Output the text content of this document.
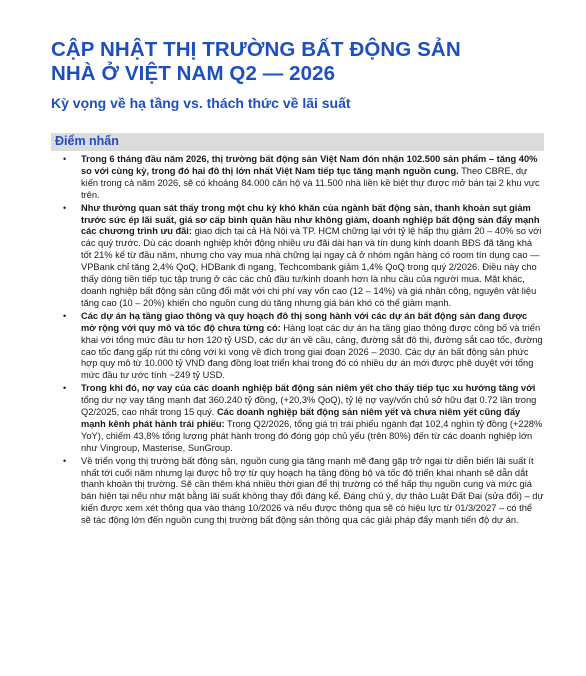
CẬP NHẬT THỊ TRƯỜNG BẤT ĐỘNG SẢN
NHÀ Ở VIỆT NAM Q2 — 2026
Kỳ vọng về hạ tầng vs. thách thức về lãi suất
Điểm nhấn
• Trong 6 tháng đầu năm 2026, thị trường bất động sản Việt Nam đón nhận 102.500 sản phẩm – tăng 40% so với cùng kỳ, trong đó hai đô thị lớn nhất Việt Nam tiếp tục tăng mạnh nguồn cung. Theo CBRE, dự kiến trong cả năm 2026, sẽ có khoảng 84.000 căn hộ và 11.500 nhà liền kề biệt thự được mở bán tại 2 khu vực trên.
• Như thường quan sát thấy trong một chu kỳ khó khăn của ngành bất động sản, thanh khoản sụt giảm trước sức ép lãi suất, giá sơ cấp bình quân hầu như không giảm, doanh nghiệp bất động sản đẩy mạnh các chương trình ưu đãi: giao dịch tại cả Hà Nội và TP. HCM chững lại với tỷ lệ hấp thụ giảm 20 – 40% so với các quý trước. Dù các doanh nghiệp khởi động nhiều ưu đãi dài hạn và tín dụng kinh doanh BĐS đã tăng khá tốt 21% kể từ đầu năm, nhưng cho vay mua nhà chững lại ngay cả ở nhóm ngân hàng có room tín dụng cao — VPBank chỉ tăng 2,4% QoQ, HDBank đi ngang, Techcombank giảm 1,4% QoQ trong quý 2/2026. Điều này cho thấy dòng tiền tiếp tục tập trung ở các các chủ đầu tư/kinh doanh hơn là nhu cầu của người mua. Mặt khác, doanh nghiệp bất động sản cũng đối mặt với chi phí vay vốn cao (12 – 14%) và giá nhân công, nguyên vật liệu tăng cao (10 – 20%) khiến cho nguồn cung dù tăng nhưng giá bán khó có thể giảm mạnh.
• Các dự án hạ tầng giao thông và quy hoạch đô thị song hành với các dự án bất động sản đang được mở rộng với quy mô và tốc độ chưa từng có: Hàng loạt các dự án hạ tầng giao thông được công bố và triển khai với tổng mức đầu tư hơn 120 tỷ USD, các dự án về cầu, cảng, đường sắt đô thị, đường sắt cao tốc, đường cao tốc đang gấp rút thi công với kì vọng về đích trong giai đoạn 2026 – 2030. Các dự án bất động sản phức hợp quy mô từ 10.000 tỷ VND đang đồng loạt triển khai trong đó có nhiều dự án mới được phê duyệt với tổng mức đầu tư ước tính ~249 tỷ USD.
• Trong khi đó, nợ vay của các doanh nghiệp bất động sản niêm yết cho thấy tiếp tục xu hướng tăng với tổng dư nợ vay tăng mạnh đạt 360.240 tỷ đồng, (+20,3% QoQ), tỷ lệ nợ vay/vốn chủ sở hữu đạt 0.72 lần trong Q2/2025, cao nhất trong 15 quý. Các doanh nghiệp bất động sản niêm yết và chưa niêm yết cũng đẩy mạnh kênh phát hành trái phiếu: Trong Q2/2026, tổng giá trị trái phiếu ngành đạt 102,4 nghìn tỷ đồng (+228% YoY), chiếm 43,8% tổng lượng phát hành trong đó đóng góp chủ yếu (trên 80%) đến từ các doanh nghiệp lớn như Vingroup, Masterise, SunGroup.
• Về triển vọng thị trường bất động sản, nguồn cung gia tăng mạnh mẽ đang gặp trở ngại từ diễn biến lãi suất ít nhất tới cuối năm nhưng lại được hỗ trợ từ quy hoạch hạ tầng đồng bộ và tốc độ triển khai nhanh sẽ dẫn dắt thanh khoản thị trường. Sẽ cần thêm khá nhiều thời gian để thị trường có thể hấp thụ nguồn cung và mức giá bán hiện tại nếu như mặt bằng lãi suất không thay đổi đáng kể. Đáng chú ý, dự thảo Luật Đất Đai (sửa đổi) – dự kiến được xem xét thông qua vào tháng 10/2026 và nếu được thông qua sẽ có hiệu lực từ 01/3/2027 – có thể sẽ tác động lớn đến nguồn cung thị trường bất động sản thông qua các giải pháp đẩy mạnh tiến độ dự án.
